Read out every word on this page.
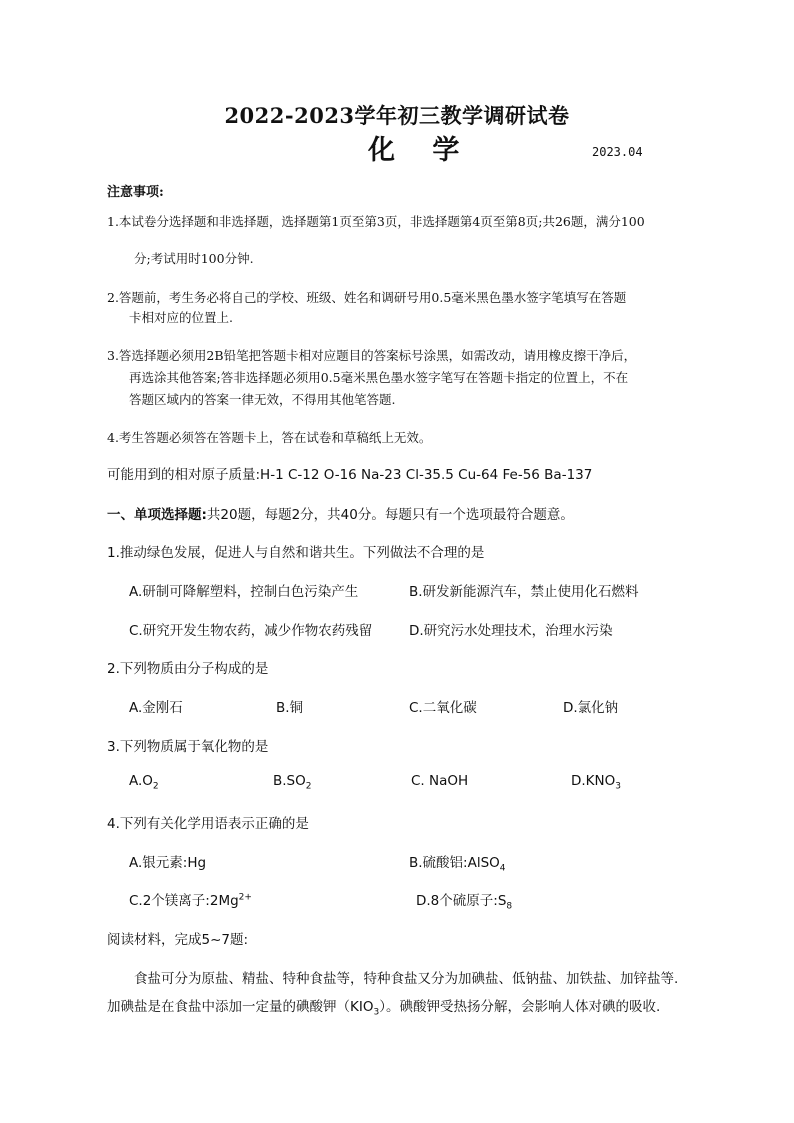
2022-2023学年初三教学调研试卷
化 学	2023.04
注意事项:
1.本试卷分选择题和非选择题，选择题第1页至第3页，非选择题第4页至第8页;共26题，满分100
分;考试用时100分钟.
2.答题前，考生务必将自己的学校、班级、姓名和调研号用0.5毫米黑色墨水签字笔填写在答题
卡相对应的位置上.
3.答选择题必须用2B铅笔把答题卡相对应题目的答案标号涂黑，如需改动，请用橡皮擦干净后，
再选涂其他答案;答非选择题必须用0.5毫米黑色墨水签字笔写在答题卡指定的位置上，不在
答题区域内的答案一律无效，不得用其他笔答题.
4.考生答题必须答在答题卡上，答在试卷和草稿纸上无效。
可能用到的相对原子质量:H-1 C-12 O-16 Na-23 Cl-35.5 Cu-64 Fe-56 Ba-137
一、单项选择题:共20题，每题2分，共40分。每题只有一个选项最符合题意。
1.推动绿色发展，促进人与自然和谐共生。下列做法不合理的是
A.研制可降解塑料，控制白色污染产生	B.研发新能源汽车，禁止使用化石燃料
C.研究开发生物农药，减少作物农药残留	D.研究污水处理技术，治理水污染
2.下列物质由分子构成的是
A.金刚石	B.铜	C.二氧化碳	D.氯化钠
3.下列物质属于氧化物的是
$A.O_2$	$B.SO_2$	C. NaOH	$D.KNO_3$
4.下列有关化学用语表示正确的是
A.银元素:Hg	B.硫酸铝:AlSO$_4$
C.2个镁离子$:2Mg^{2+}$	D.8个硫原子$:S_8$
阅读材料，完成5~7题:
食盐可分为原盐、精盐、特种食盐等，特种食盐又分为加碘盐、低钠盐、加铁盐、加锌盐等.
加碘盐是在食盐中添加一定量的碘酸钾$(KIO_3)$。碘酸钾受热扬分解，会影响人体对碘的吸收.
